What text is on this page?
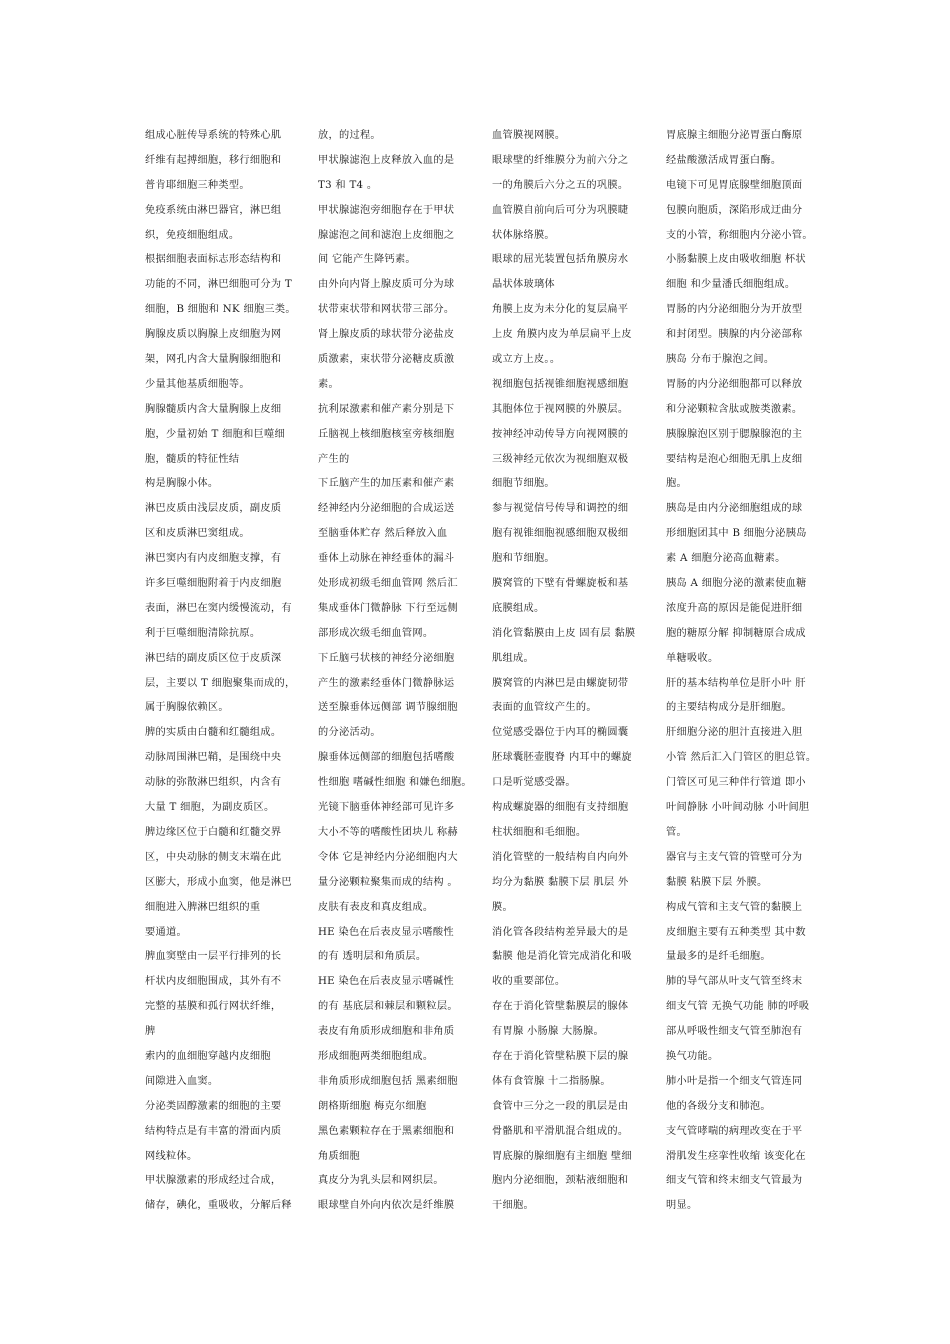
组成心脏传导系统的特殊心肌
纤维有起搏细胞，移行细胞和
普肯耶细胞三种类型。
免疫系统由淋巴器官，淋巴组
织，免疫细胞组成。
根据细胞表面标志形态结构和
功能的不同，淋巴细胞可分为 T
细胞，B 细胞和 NK 细胞三类。
胸腺皮质以胸腺上皮细胞为网
架，网孔内含大量胸腺细胞和
少量其他基质细胞等。
胸腺髓质内含大量胸腺上皮细
胞，少量初始 T 细胞和巨噬细
胞，髓质的特征性结
构是胸腺小体。
淋巴皮质由浅层皮质，副皮质
区和皮质淋巴窦组成。
淋巴窦内有内皮细胞支撑，有
许多巨噬细胞附着于内皮细胞
表面，淋巴在窦内缓慢流动，有
利于巨噬细胞清除抗原。
淋巴结的副皮质区位于皮质深
层，主要以 T 细胞聚集而成的，
属于胸腺依赖区。
脾的实质由白髓和红髓组成。
动脉周围淋巴鞘，是围绕中央
动脉的弥散淋巴组织，内含有
大量 T 细胞，为副皮质区。
脾边缘区位于白髓和红髓交界
区，中央动脉的侧支末端在此
区膨大，形成小血窦，他是淋巴
细胞进入脾淋巴组织的重
要通道。
脾血窦壁由一层平行排列的长
杆状内皮细胞围成，其外有不
完整的基膜和孤行网状纤维，
脾
索内的血细胞穿越内皮细胞
间隙进入血窦。
分泌类固醇激素的细胞的主要
结构特点是有丰富的滑面内质
网线粒体。
甲状腺激素的形成经过合成，
储存，碘化，重吸收，分解后释
放，的过程。
甲状腺滤泡上皮释放入血的是
T3 和 T4 。
甲状腺滤泡旁细胞存在于甲状
腺滤泡之间和滤泡上皮细胞之
间 它能产生降钙素。
由外向内肾上腺皮质可分为球
状带束状带和网状带三部分。
肾上腺皮质的球状带分泌盐皮
质激素，束状带分泌糖皮质激
素。
抗利尿激素和催产素分别是下
丘脑视上核细胞核室旁核细胞
产生的
下丘脑产生的加压素和催产素
经神经内分泌细胞的合成运送
至脑垂体贮存 然后释放入血
垂体上动脉在神经垂体的漏斗
处形成初级毛细血管网 然后汇
集成垂体门微静脉 下行至远侧
部形成次级毛细血管网。
下丘脑弓状核的神经分泌细胞
产生的激素经垂体门微静脉运
送至腺垂体远侧部 调节腺细胞
的分泌活动。
腺垂体远侧部的细胞包括嗜酸
性细胞 嗜碱性细胞 和嫌色细胞。
光镜下脑垂体神经部可见许多
大小不等的嗜酸性团块儿 称赫
令体 它是神经内分泌细胞内大
量分泌颗粒聚集而成的结构 。
皮肤有表皮和真皮组成。
HE 染色在后表皮显示嗜酸性
的有 透明层和角质层。
HE 染色在后表皮显示嗜碱性
的有 基底层和棘层和颗粒层。
表皮有角质形成细胞和非角质
形成细胞两类细胞组成。
非角质形成细胞包括 黑素细胞
朗格斯细胞 梅克尔细胞
黑色素颗粒存在于黑素细胞和
角质细胞
真皮分为乳头层和网织层。
眼球壁自外向内依次是纤维膜
血管膜视网膜。
眼球壁的纤维膜分为前六分之
一的角膜后六分之五的巩膜。
血管膜自前向后可分为巩膜睫
状体脉络膜。
眼球的屈光装置包括角膜房水
晶状体玻璃体
角膜上皮为未分化的复层扁平
上皮 角膜内皮为单层扁平上皮
或立方上皮。。
视细胞包括视锥细胞视感细胞
其胞体位于视网膜的外膜层。
按神经冲动传导方向视网膜的
三级神经元依次为视细胞双极
细胞节细胞。
参与视觉信号传导和调控的细
胞有视锥细胞视感细胞双极细
胞和节细胞。
膜窝管的下壁有骨螺旋板和基
底膜组成。
消化管黏膜由上皮 固有层 黏膜
肌组成。
膜窝管的内淋巴是由螺旋韧带
表面的血管纹产生的。
位觉感受器位于内耳的椭圆囊
胚球囊胚壶腹脊 内耳中的螺旋
口是听觉感受器。
构成螺旋器的细胞有支持细胞
柱状细胞和毛细胞。
消化管壁的一般结构自内向外
均分为黏膜 黏膜下层 肌层 外
膜。
消化管各段结构差异最大的是
黏膜 他是消化管完成消化和吸
收的重要部位。
存在于消化管壁黏膜层的腺体
有胃腺 小肠腺 大肠腺。
存在于消化管壁粘膜下层的腺
体有食管腺 十二指肠腺。
食管中三分之一段的肌层是由
骨骼肌和平滑肌混合组成的。
胃底腺的腺细胞有主细胞 壁细
胞内分泌细胞，颈粘液细胞和
干细胞。
胃底腺主细胞分泌胃蛋白酶原
经盐酸激活成胃蛋白酶。
电镜下可见胃底腺壁细胞顶面
包膜向胞质，深陷形成迂曲分
支的小管，称细胞内分泌小管。
小肠黏膜上皮由吸收细胞 杯状
细胞 和少量潘氏细胞组成。
胃肠的内分泌细胞分为开放型
和封闭型。胰腺的内分泌部称
胰岛 分布于腺泡之间。
胃肠的内分泌细胞都可以释放
和分泌颗粒含肽或胺类激素。
胰腺腺泡区别于腮腺腺泡的主
要结构是泡心细胞无肌上皮细
胞。
胰岛是由内分泌细胞组成的球
形细胞团其中 B 细胞分泌胰岛
素 A 细胞分泌高血糖素。
胰岛 A 细胞分泌的激素使血糖
浓度升高的原因是能促进肝细
胞的糖原分解 抑制糖原合成成
单糖吸收。
肝的基本结构单位是肝小叶 肝
的主要结构成分是肝细胞。
肝细胞分泌的胆汁直接进入胆
小管 然后汇入门管区的胆总管。
门管区可见三种伴行管道 即小
叶间静脉 小叶间动脉 小叶间胆
管。
器官与主支气管的管壁可分为
黏膜 粘膜下层 外膜。
构成气管和主支气管的黏膜上
皮细胞主要有五种类型 其中数
量最多的是纤毛细胞。
肺的导气部从叶支气管至终末
细支气管 无换气功能 肺的呼吸
部从呼吸性细支气管至肺泡有
换气功能。
肺小叶是指一个细支气管连同
他的各级分支和肺泡。
支气管哮喘的病理改变在于平
滑肌发生痉挛性收缩 该变化在
细支气管和终末细支气管最为
明显。
